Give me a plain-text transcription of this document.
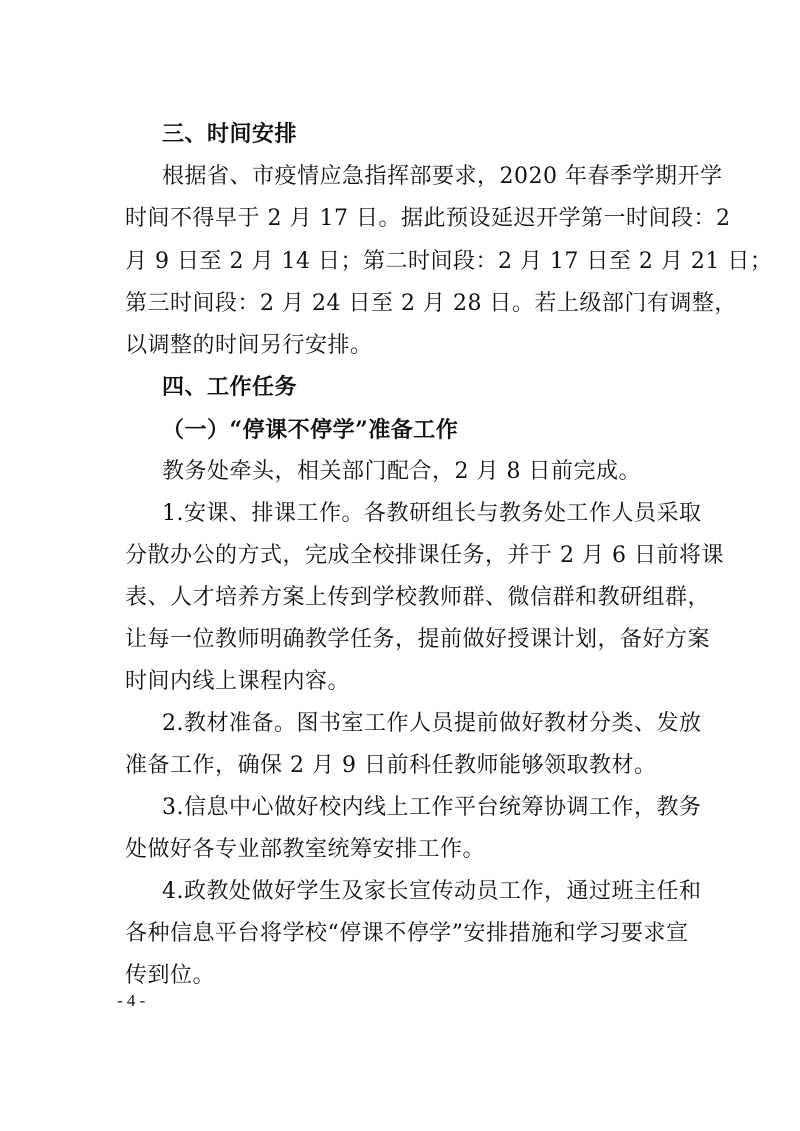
三、时间安排
根据省、市疫情应急指挥部要求，2020 年春季学期开学
时间不得早于 2 月 17 日。据此预设延迟开学第一时间段：2
月 9 日至 2 月 14 日；第二时间段：2 月 17 日至 2 月 21 日；
第三时间段：2 月 24 日至 2 月 28 日。若上级部门有调整，
以调整的时间另行安排。
四、工作任务
（一）“停课不停学”准备工作
教务处牵头，相关部门配合，2 月 8 日前完成。
1.安课、排课工作。各教研组长与教务处工作人员采取
分散办公的方式，完成全校排课任务，并于 2 月 6 日前将课
表、人才培养方案上传到学校教师群、微信群和教研组群，
让每一位教师明确教学任务，提前做好授课计划，备好方案
时间内线上课程内容。
2.教材准备。图书室工作人员提前做好教材分类、发放
准备工作，确保 2 月 9 日前科任教师能够领取教材。
3.信息中心做好校内线上工作平台统筹协调工作，教务
处做好各专业部教室统筹安排工作。
4.政教处做好学生及家长宣传动员工作，通过班主任和
各种信息平台将学校“停课不停学”安排措施和学习要求宣
传到位。
- 4 -
